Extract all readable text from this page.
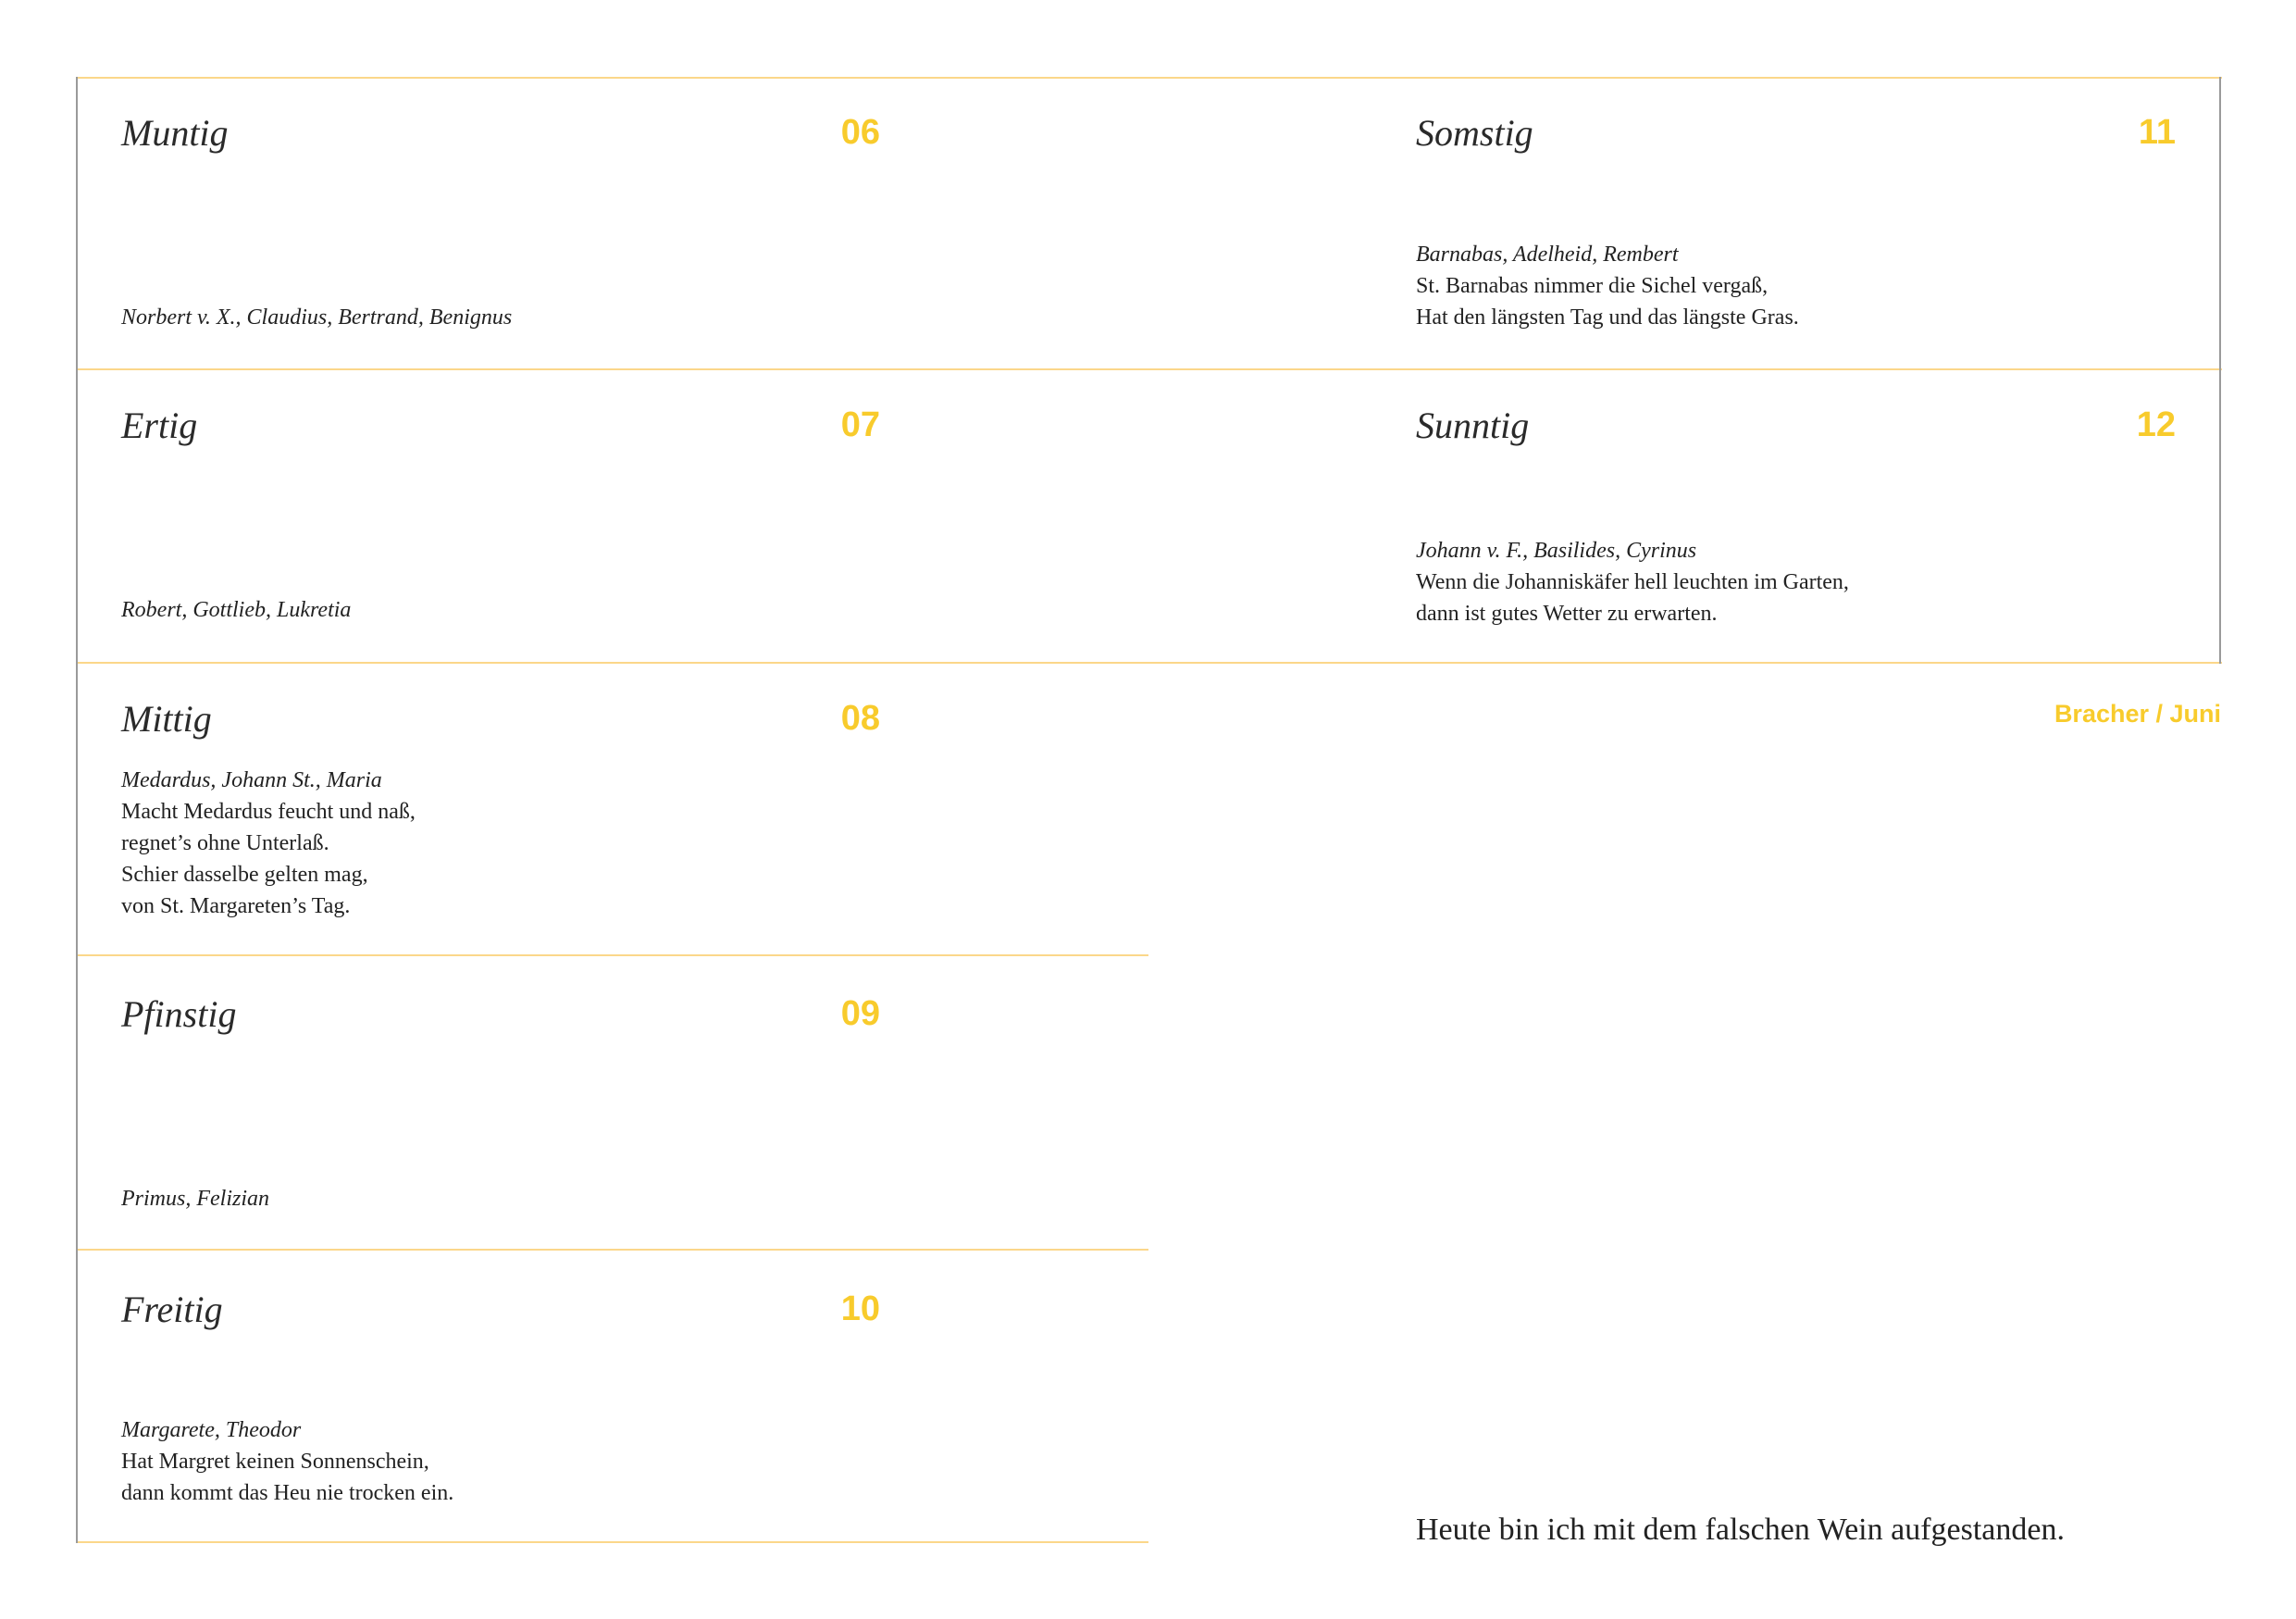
Muntig	06
Norbert v. X., Claudius, Bertrand, Benignus
Ertig	07
Robert, Gottlieb, Lukretia
Mittig	08
Medardus, Johann St., Maria
Macht Medardus feucht und naß,
regnet’s ohne Unterlaß.
Schier dasselbe gelten mag,
von St. Margareten’s Tag.
Pfinstig	09
Primus, Felizian
Freitig	10
Margarete, Theodor
Hat Margret keinen Sonnenschein,
dann kommt das Heu nie trocken ein.
Somstig	11
Barnabas, Adelheid, Rembert
St. Barnabas nimmer die Sichel vergaß,
Hat den längsten Tag und das längste Gras.
Sunntig	12
Johann v. F., Basilides, Cyrinus
Wenn die Johanniskäfer hell leuchten im Garten,
dann ist gutes Wetter zu erwarten.
Bracher / Juni
Heute bin ich mit dem falschen Wein aufgestanden.
